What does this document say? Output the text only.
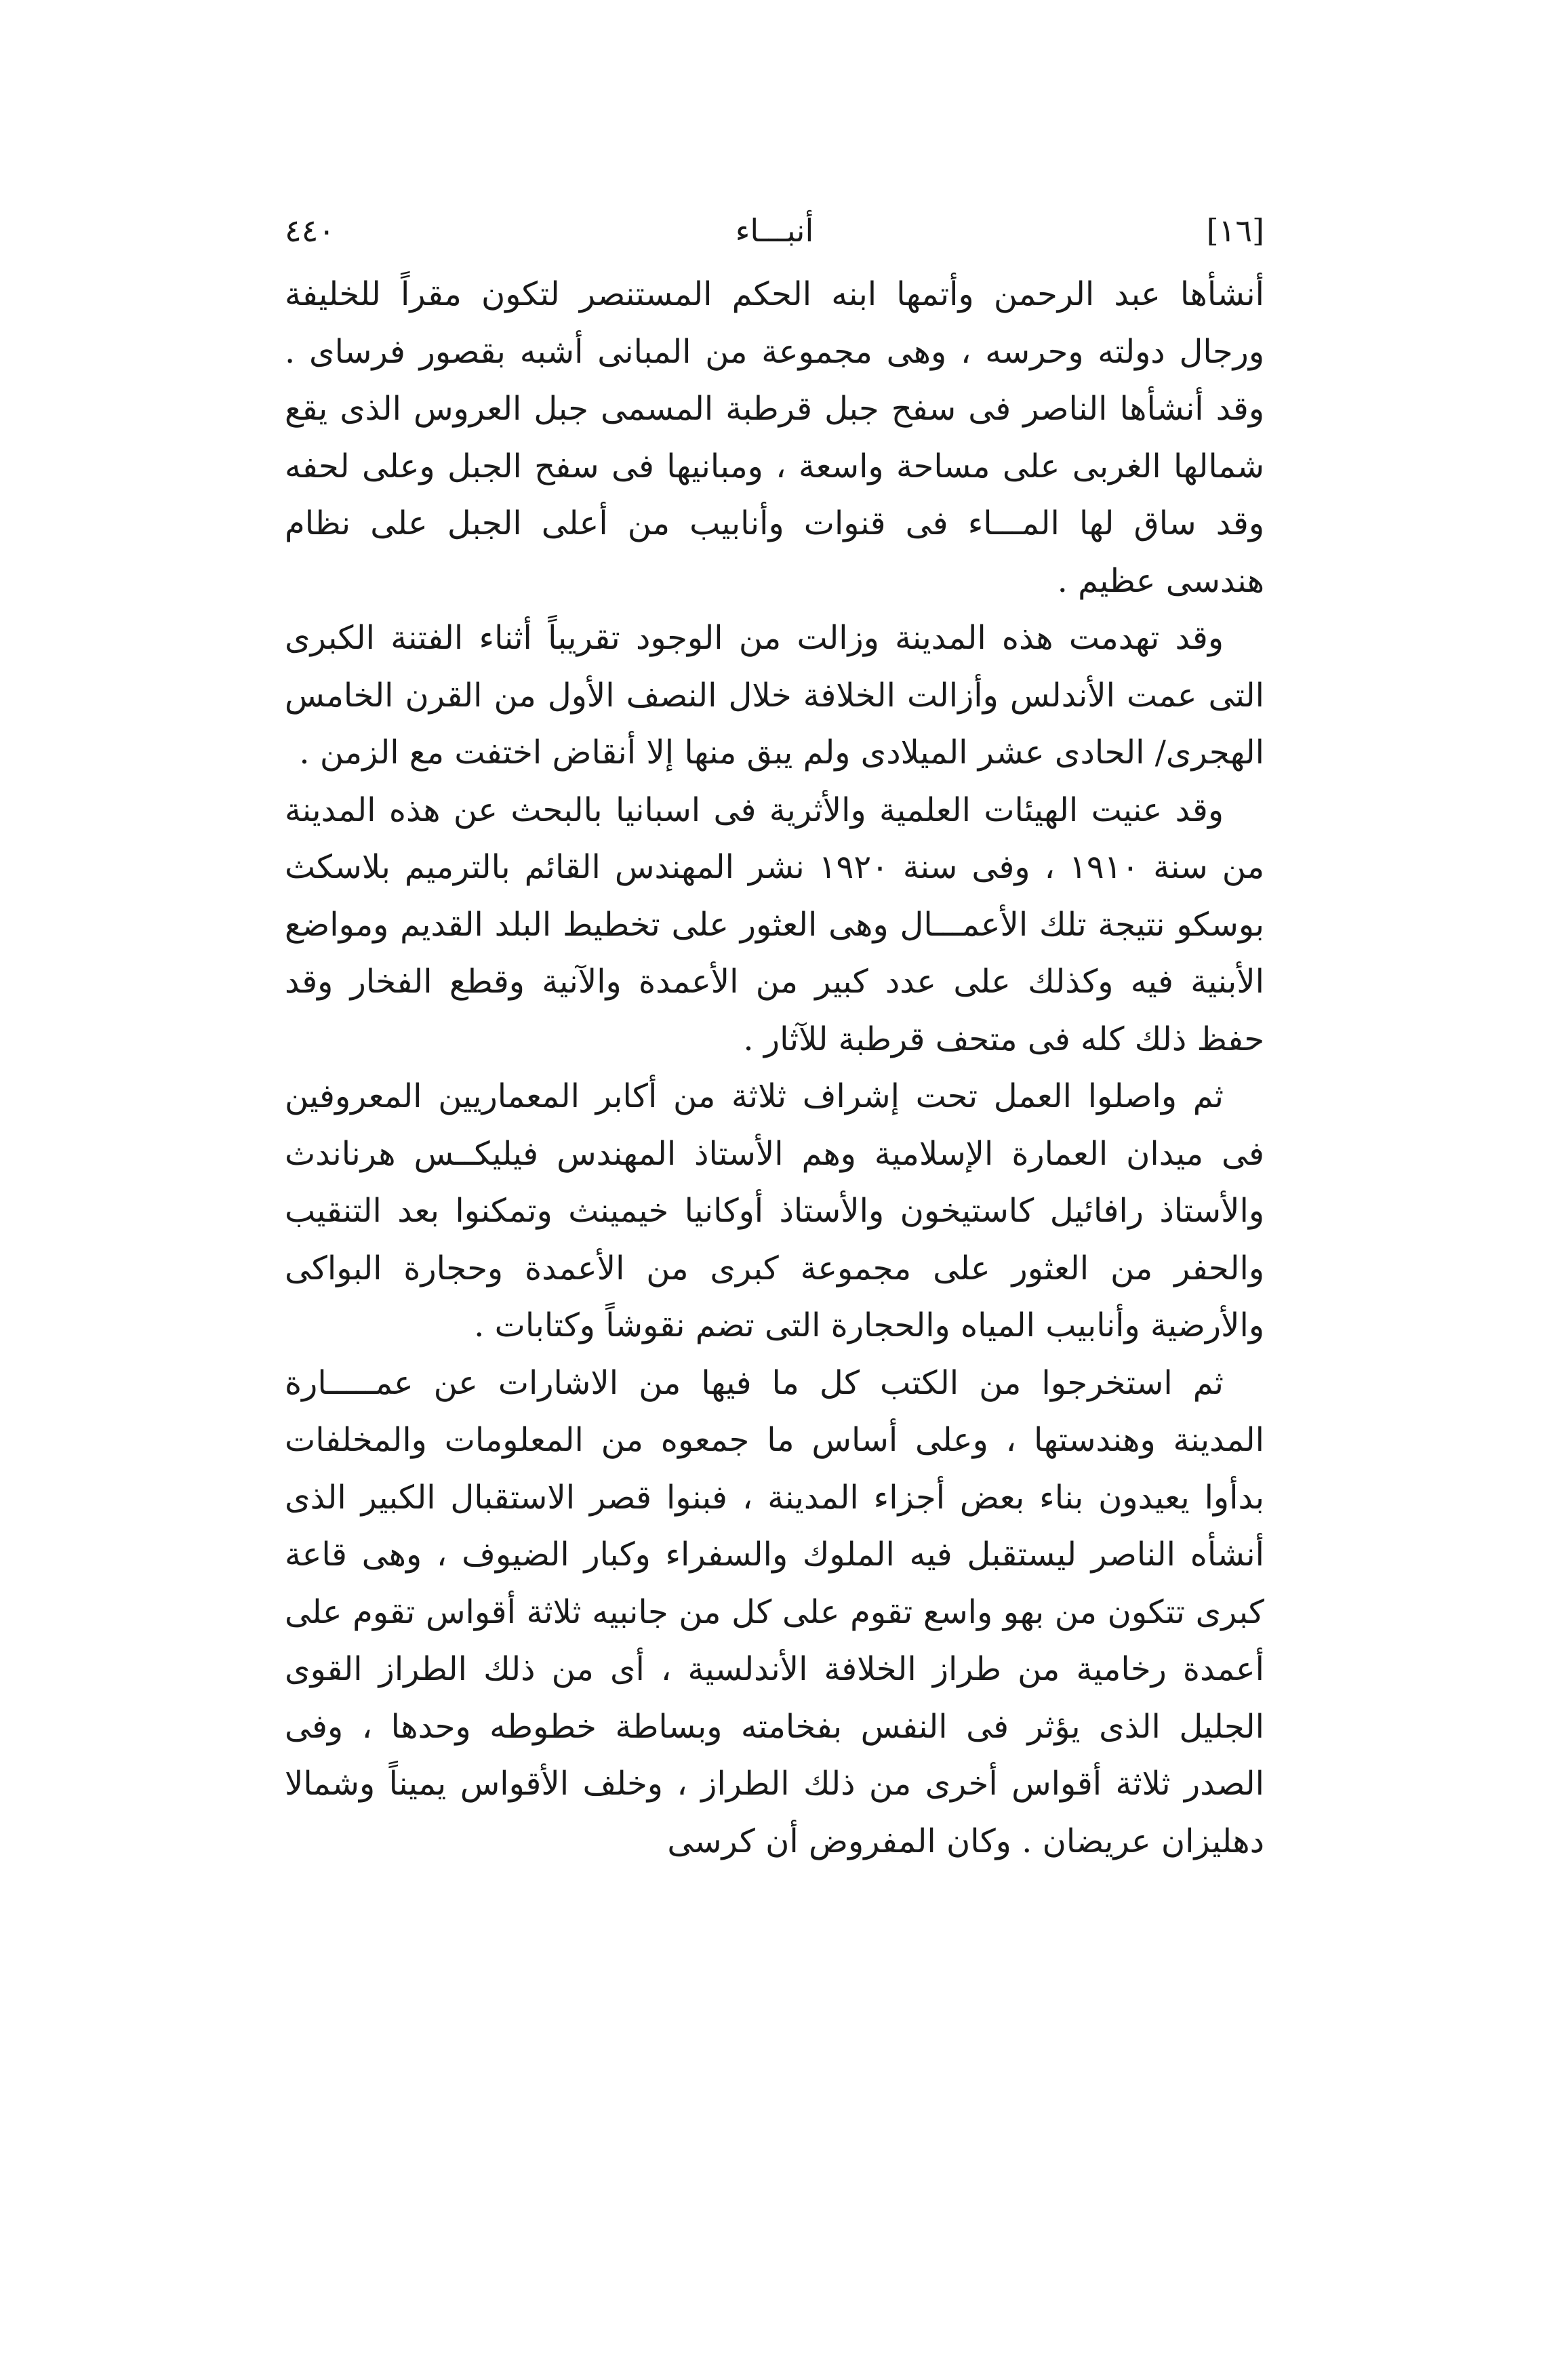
٤٤٠	أنبـــاء	[١٦]

أنشأها عبد الرحمن وأتمها ابنه الحكم المستنصر لتكون مقراً للخليفة ورجال دولته وحرسه ، وهى مجموعة من المبانى أشبه بقصور فرساى . وقد أنشأها الناصر فى سفح جبل قرطبة المسمى جبل العروس الذى يقع شمالها الغربى على مساحة واسعة ، ومبانيها فى سفح الجبل وعلى لحفه وقد ساق لها المـــاء فى قنوات وأنابيب من أعلى الجبل على نظام هندسى عظيم .

وقد تهدمت هذه المدينة وزالت من الوجود تقريباً أثناء الفتنة الكبرى التى عمت الأندلس وأزالت الخلافة خلال النصف الأول من القرن الخامس الهجرى/ الحادى عشر الميلادى ولم يبق منها إلا أنقاض اختفت مع الزمن .

وقد عنيت الهيئات العلمية والأثرية فى اسبانيا بالبحث عن هذه المدينة من سنة ١٩١٠ ، وفى سنة ١٩٢٠ نشر المهندس القائم بالترميم بلاسكث بوسكو نتيجة تلك الأعمـــال وهى العثور على تخطيط البلد القديم ومواضع الأبنية فيه وكذلك على عدد كبير من الأعمدة والآنية وقطع الفخار وقد حفظ ذلك كله فى متحف قرطبة للآثار .

ثم واصلوا العمل تحت إشراف ثلاثة من أكابر المعماريين المعروفين فى ميدان العمارة الإسلامية وهم الأستاذ المهندس فيليكــس هرناندث والأستاذ رافائيل كاستيخون والأستاذ أوكانيا خيمينث وتمكنوا بعد التنقيب والحفر من العثور على مجموعة كبرى من الأعمدة وحجارة البواكى والأرضية وأنابيب المياه والحجارة التى تضم نقوشاً وكتابات .

ثم استخرجوا من الكتب كل ما فيها من الاشارات عن عمـــــارة المدينة وهندستها ، وعلى أساس ما جمعوه من المعلومات والمخلفات بدأوا يعيدون بناء بعض أجزاء المدينة ، فبنوا قصر الاستقبال الكبير الذى أنشأه الناصر ليستقبل فيه الملوك والسفراء وكبار الضيوف ، وهى قاعة كبرى تتكون من بهو واسع تقوم على كل من جانبيه ثلاثة أقواس تقوم على أعمدة رخامية من طراز الخلافة الأندلسية ، أى من ذلك الطراز القوى الجليل الذى يؤثر فى النفس بفخامته وبساطة خطوطه وحدها ، وفى الصدر ثلاثة أقواس أخرى من ذلك الطراز ، وخلف الأقواس يميناً وشمالا دهليزان عريضان . وكان المفروض أن كرسى
